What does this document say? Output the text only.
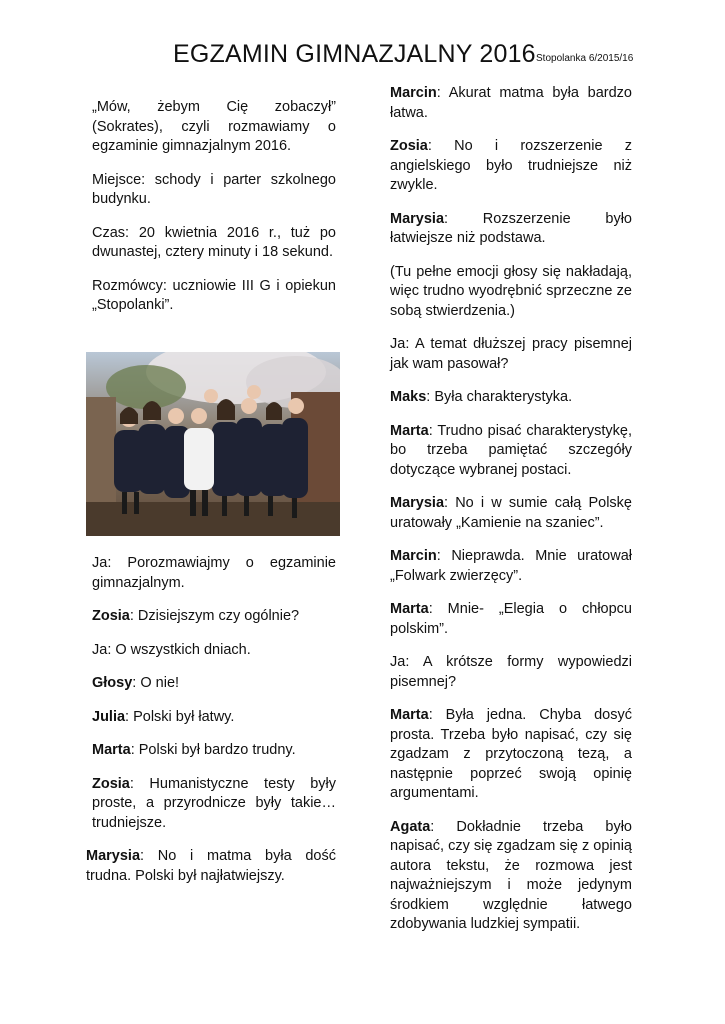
EGZAMIN GIMNAZJALNY 2016 Stopolanka 6/2015/16

„Mów, żebym Cię zobaczył” (Sokrates), czyli rozmawiamy o egzaminie gimnazjalnym 2016.

Miejsce: schody i parter szkolnego budynku.

Czas: 20 kwietnia 2016 r., tuż po dwunastej, cztery minuty i 18 sekund.

Rozmówcy: uczniowie III G i opiekun „Stopolanki”.

Ja: Porozmawiajmy o egzaminie gimnazjalnym.

Zosia: Dzisiejszym czy ogólnie?

Ja: O wszystkich dniach.

Głosy: O nie!

Julia: Polski był łatwy.

Marta: Polski był bardzo trudny.

Zosia: Humanistyczne testy były proste, a przyrodnicze były takie… trudniejsze.

Marysia: No i matma była dość trudna. Polski był najłatwiejszy.

Marcin: Akurat matma była bardzo łatwa.

Zosia: No i rozszerzenie z angielskiego było trudniejsze niż zwykle.

Marysia: Rozszerzenie było łatwiejsze niż podstawa.

(Tu pełne emocji głosy się nakładają, więc trudno wyodrębnić sprzeczne ze sobą stwierdzenia.)

Ja: A temat dłuższej pracy pisemnej jak wam pasował?

Maks: Była charakterystyka.

Marta: Trudno pisać charakterystykę, bo trzeba pamiętać szczegóły dotyczące wybranej postaci.

Marysia: No i w sumie całą Polskę uratowały „Kamienie na szaniec”.

Marcin: Nieprawda. Mnie uratował „Folwark zwierzęcy”.

Marta: Mnie- „Elegia o chłopcu polskim”.

Ja: A krótsze formy wypowiedzi pisemnej?

Marta: Była jedna. Chyba dosyć prosta. Trzeba było napisać, czy się zgadzam z przytoczoną tezą, a następnie poprzeć swoją opinię argumentami.

Agata: Dokładnie trzeba było napisać, czy się zgadzam się z opinią autora tekstu, że rozmowa jest najważniejszym i może jedynym środkiem względnie łatwego zdobywania ludzkiej sympatii.
